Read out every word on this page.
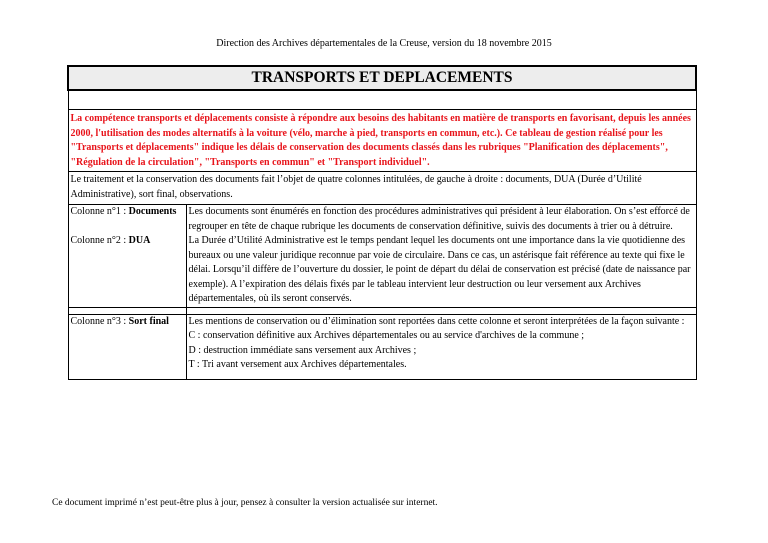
Direction des Archives départementales de la Creuse, version du 18 novembre 2015
TRANSPORTS ET DEPLACEMENTS	

La compétence transports et déplacements consiste à répondre aux besoins des habitants en matière de transports en favorisant, depuis les années 2000, l'utilisation des modes alternatifs à la voiture (vélo, marche à pied, transports en commun, etc.). Ce tableau de gestion réalisé pour les "Transports et déplacements" indique les délais de conservation des documents classés dans les rubriques "Planification des déplacements", "Régulation de la circulation", "Transports en commun" et "Transport individuel".	
Le traitement et la conservation des documents fait l’objet de quatre colonnes intitulées, de gauche à droite : documents, DUA (Durée d’Utilité Administrative), sort final, observations.	
Colonne n°1 : Documents	Les documents sont énumérés en fonction des procédures administratives qui président à leur élaboration. On s’est efforcé de regrouper en tête de chaque rubrique les documents de conservation définitive, suivis des documents à trier ou à détruire.
Colonne n°2 : DUA	La Durée d’Utilité Administrative est le temps pendant lequel les documents ont une importance dans la vie quotidienne des bureaux ou une valeur juridique reconnue par voie de circulaire. Dans ce cas, un astérisque fait référence au texte qui fixe le délai. Lorsqu’il diffère de l’ouverture du dossier, le point de départ du délai de conservation est précisé (date de naissance par exemple). A l’expiration des délais fixés par le tableau intervient leur destruction ou leur versement aux Archives départementales, où ils seront conservés.

Colonne n°3 : Sort final	Les mentions de conservation ou d’élimination sont reportées dans cette colonne et seront interprétées de la façon suivante :
C : conservation définitive aux Archives départementales ou au service d'archives de la commune ;
D : destruction immédiate sans versement aux Archives ;
T : Tri avant versement aux Archives départementales.
Ce document imprimé n’est peut-être plus à jour, pensez à consulter la version actualisée sur internet.
